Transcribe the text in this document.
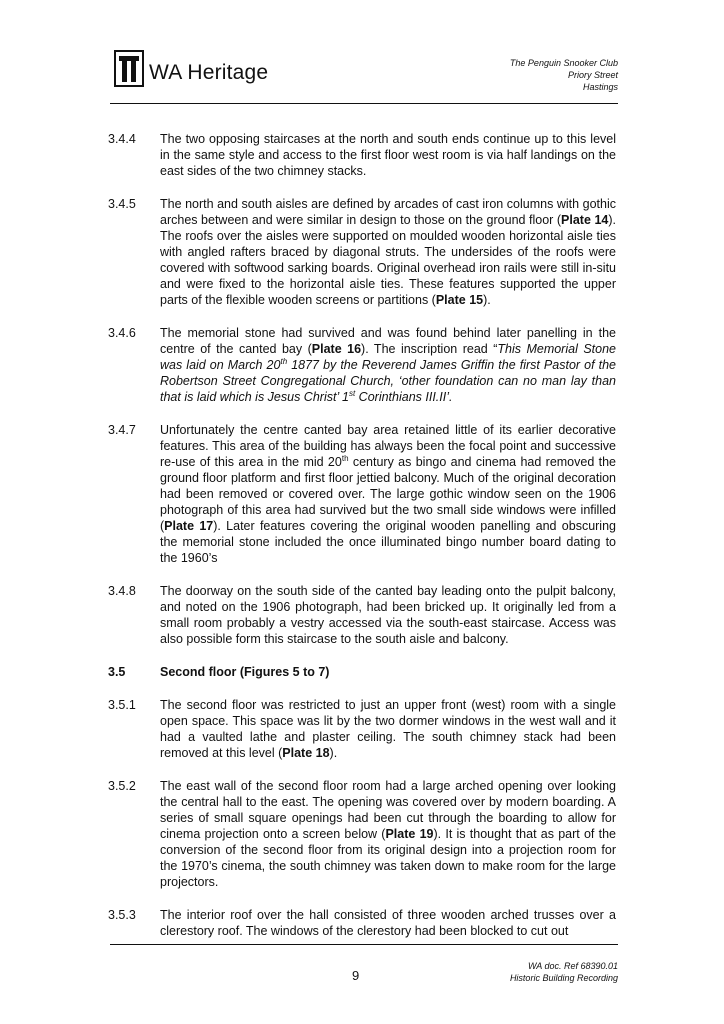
WA Heritage	The Penguin Snooker Club
Priory Street
Hastings
3.4.4	The two opposing staircases at the north and south ends continue up to this level in the same style and access to the first floor west room is via half landings on the east sides of the two chimney stacks.
3.4.5	The north and south aisles are defined by arcades of cast iron columns with gothic arches between and were similar in design to those on the ground floor (Plate 14). The roofs over the aisles were supported on moulded wooden horizontal aisle ties with angled rafters braced by diagonal struts. The undersides of the roofs were covered with softwood sarking boards. Original overhead iron rails were still in-situ and were fixed to the horizontal aisle ties. These features supported the upper parts of the flexible wooden screens or partitions (Plate 15).
3.4.6	The memorial stone had survived and was found behind later panelling in the centre of the canted bay (Plate 16). The inscription read “This Memorial Stone was laid on March 20th 1877 by the Reverend James Griffin the first Pastor of the Robertson Street Congregational Church, ‘other foundation can no man lay than that is laid which is Jesus Christ’ 1st Corinthians III.II’.
3.4.7	Unfortunately the centre canted bay area retained little of its earlier decorative features. This area of the building has always been the focal point and successive re-use of this area in the mid 20th century as bingo and cinema had removed the ground floor platform and first floor jettied balcony. Much of the original decoration had been removed or covered over. The large gothic window seen on the 1906 photograph of this area had survived but the two small side windows were infilled (Plate 17). Later features covering the original wooden panelling and obscuring the memorial stone included the once illuminated bingo number board dating to the 1960’s
3.4.8	The doorway on the south side of the canted bay leading onto the pulpit balcony, and noted on the 1906 photograph, had been bricked up. It originally led from a small room probably a vestry accessed via the south-east staircase. Access was also possible form this staircase to the south aisle and balcony.
3.5	Second floor (Figures 5 to 7)
3.5.1	The second floor was restricted to just an upper front (west) room with a single open space. This space was lit by the two dormer windows in the west wall and it had a vaulted lathe and plaster ceiling. The south chimney stack had been removed at this level (Plate 18).
3.5.2	The east wall of the second floor room had a large arched opening over looking the central hall to the east. The opening was covered over by modern boarding. A series of small square openings had been cut through the boarding to allow for cinema projection onto a screen below (Plate 19). It is thought that as part of the conversion of the second floor from its original design into a projection room for the 1970’s cinema, the south chimney was taken down to make room for the large projectors.
3.5.3	The interior roof over the hall consisted of three wooden arched trusses over a clerestory roof. The windows of the clerestory had been blocked to cut out
9
WA doc. Ref 68390.01
Historic Building Recording
